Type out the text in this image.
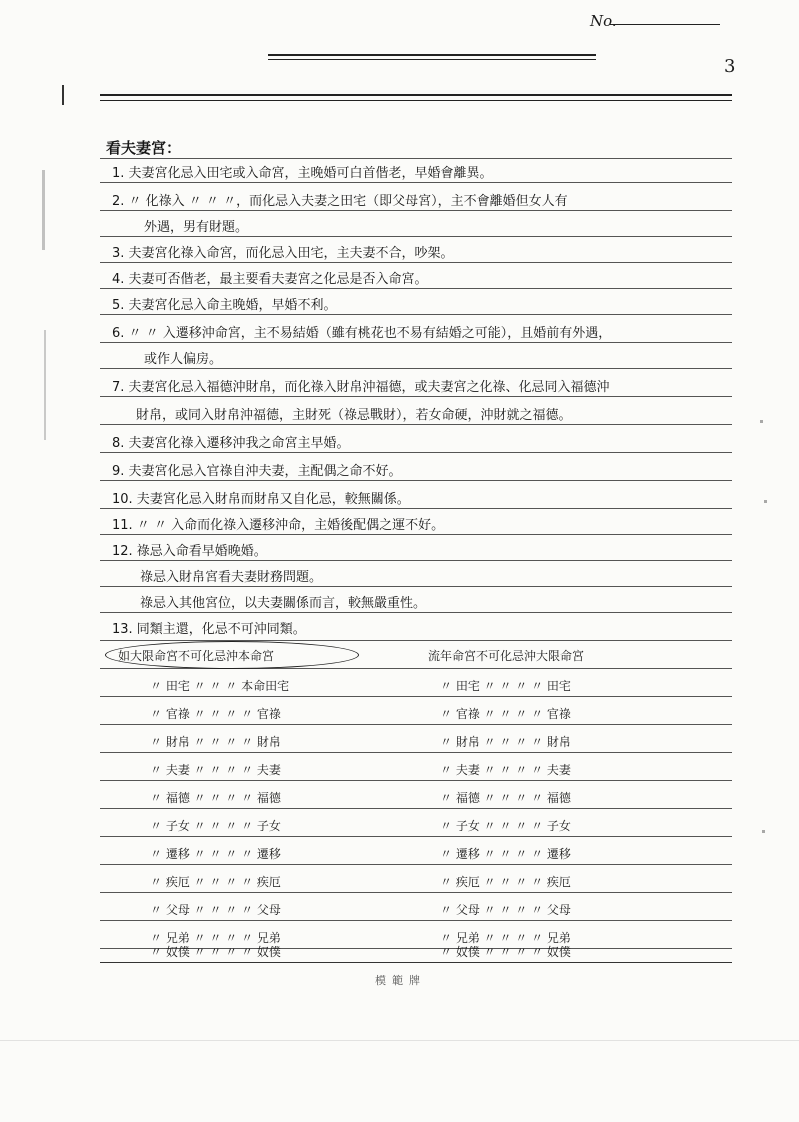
No.
3
看夫妻宮：
1. 夫妻宮化忌入田宅或入命宮，主晚婚可白首偕老，早婚會離異。
2. 〃 化祿入 〃 〃 〃，而化忌入夫妻之田宅（即父母宮），主不會離婚但女人有
外遇，男有財題。
3. 夫妻宮化祿入命宮，而化忌入田宅，主夫妻不合，吵架。
4. 夫妻可否偕老，最主要看夫妻宮之化忌是否入命宮。
5. 夫妻宮化忌入命主晚婚，早婚不利。
6. 〃 〃 入遷移沖命宮，主不易結婚（雖有桃花也不易有結婚之可能），且婚前有外遇，
或作人偏房。
7. 夫妻宮化忌入福德沖財帛，而化祿入財帛沖福德，或夫妻宮之化祿、化忌同入福德沖
財帛，或同入財帛沖福德，主財死（祿忌戰財），若女命硬，沖財就之福德。
8. 夫妻宮化祿入遷移沖我之命宮主早婚。
9. 夫妻宮化忌入官祿自沖夫妻，主配偶之命不好。
10. 夫妻宮化忌入財帛而財帛又自化忌，較無關係。
11. 〃 〃 入命而化祿入遷移沖命，主婚後配偶之運不好。
12. 祿忌入命看早婚晚婚。
祿忌入財帛宮看夫妻財務問題。
祿忌入其他宮位，以夫妻關係而言，較無嚴重性。
13. 同類主還，化忌不可沖同類。
如大限命宮不可化忌沖本命宮	流年命宮不可化忌沖大限命宮
〃 田宅 〃 〃 〃 本命田宅	〃 田宅 〃 〃 〃 〃 田宅
〃 官祿 〃 〃 〃 〃 官祿	〃 官祿 〃 〃 〃 〃 官祿
〃 財帛 〃 〃 〃 〃 財帛	〃 財帛 〃 〃 〃 〃 財帛
〃 夫妻 〃 〃 〃 〃 夫妻	〃 夫妻 〃 〃 〃 〃 夫妻
〃 福德 〃 〃 〃 〃 福德	〃 福德 〃 〃 〃 〃 福德
〃 子女 〃 〃 〃 〃 子女	〃 子女 〃 〃 〃 〃 子女
〃 遷移 〃 〃 〃 〃 遷移	〃 遷移 〃 〃 〃 〃 遷移
〃 疾厄 〃 〃 〃 〃 疾厄	〃 疾厄 〃 〃 〃 〃 疾厄
〃 父母 〃 〃 〃 〃 父母	〃 父母 〃 〃 〃 〃 父母
〃 兄弟 〃 〃 〃 〃 兄弟	〃 兄弟 〃 〃 〃 〃 兄弟
〃 奴僕 〃 〃 〃 〃 奴僕	〃 奴僕 〃 〃 〃 〃 奴僕
模範牌
